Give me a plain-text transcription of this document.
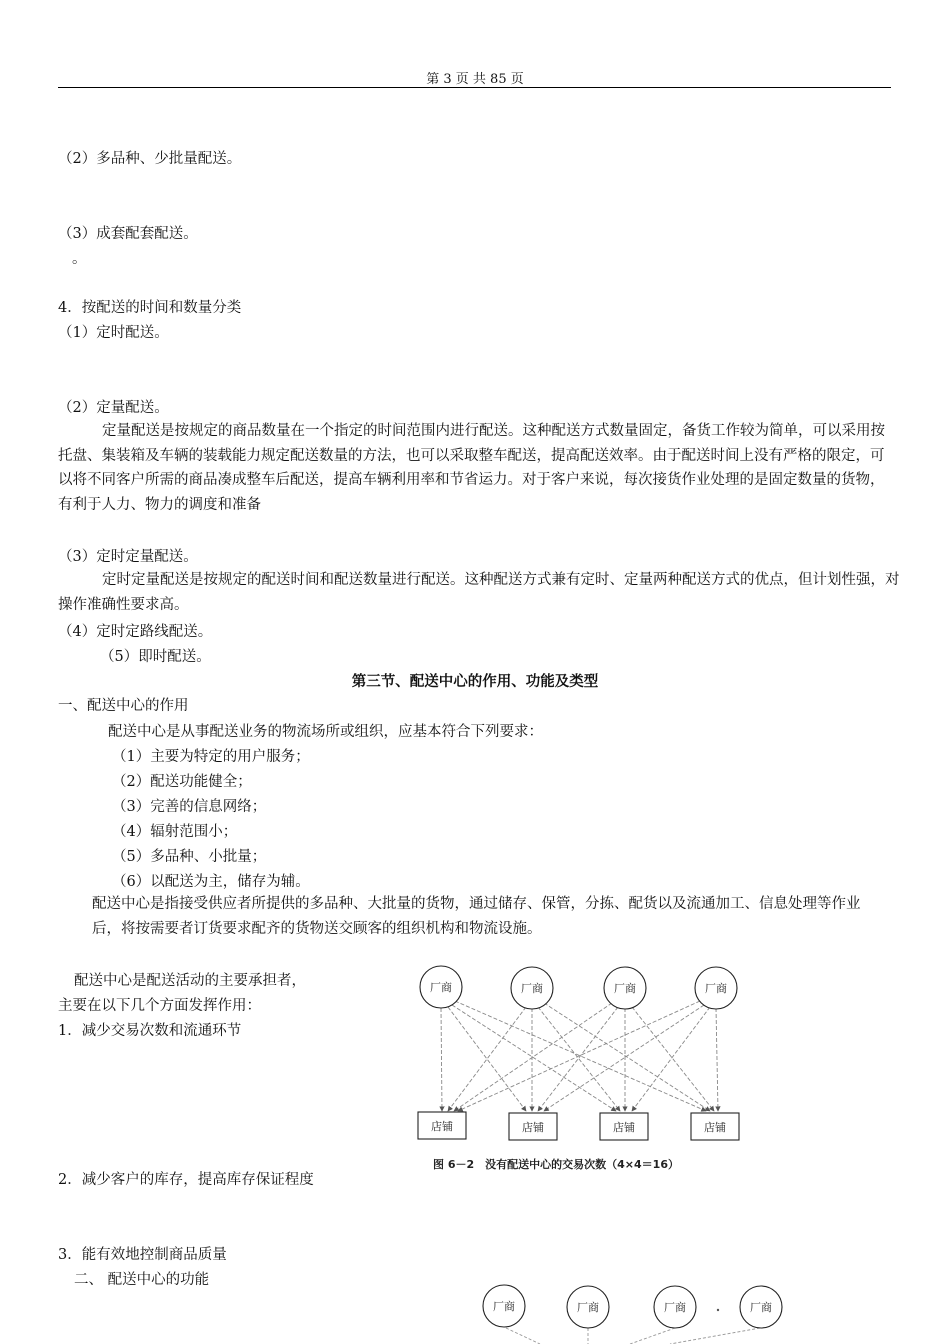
第 3 页 共 85 页
（2）多品种、少批量配送。
（3）成套配套配送。
。
4．按配送的时间和数量分类
（1）定时配送。
（2）定量配送。

定量配送是按规定的商品数量在一个指定的时间范围内进行配送。这种配送方式数量固定，备货工作较为简单，可以采用按托盘、集装箱及车辆的装载能力规定配送数量的方法，也可以采取整车配送，提高配送效率。由于配送时间上没有严格的限定，可以将不同客户所需的商品凑成整车后配送，提高车辆利用率和节省运力。对于客户来说，每次接货作业处理的是固定数量的货物，有利于人力、物力的调度和准备

（3）定时定量配送。

定时定量配送是按规定的配送时间和配送数量进行配送。这种配送方式兼有定时、定量两种配送方式的优点，但计划性强，对操作准确性要求高。

（4）定时定路线配送。
（5）即时配送。
第三节、配送中心的作用、功能及类型
一、配送中心的作用
配送中心是从事配送业务的物流场所或组织，应基本符合下列要求：
（1）主要为特定的用户服务；
（2）配送功能健全；
（3）完善的信息网络；
（4）辐射范围小；
（5）多品种、小批量；
（6）以配送为主，储存为辅。

配送中心是指接受供应者所提供的多品种、大批量的货物，通过储存、保管，分拣、配货以及流通加工、信息处理等作业后，将按需要者订货要求配齐的货物送交顾客的组织机构和物流设施。

配送中心是配送活动的主要承担者，
主要在以下几个方面发挥作用：
1．减少交易次数和流通环节
2．减少客户的库存，提高库存保证程度
3．能有效地控制商品质量
二、 配送中心的功能
厂商	厂商	厂商	厂商
店铺	店铺	店铺	店铺
图 6－2　没有配送中心的交易次数（4×4＝16）
厂商	厂商	厂商	厂商
